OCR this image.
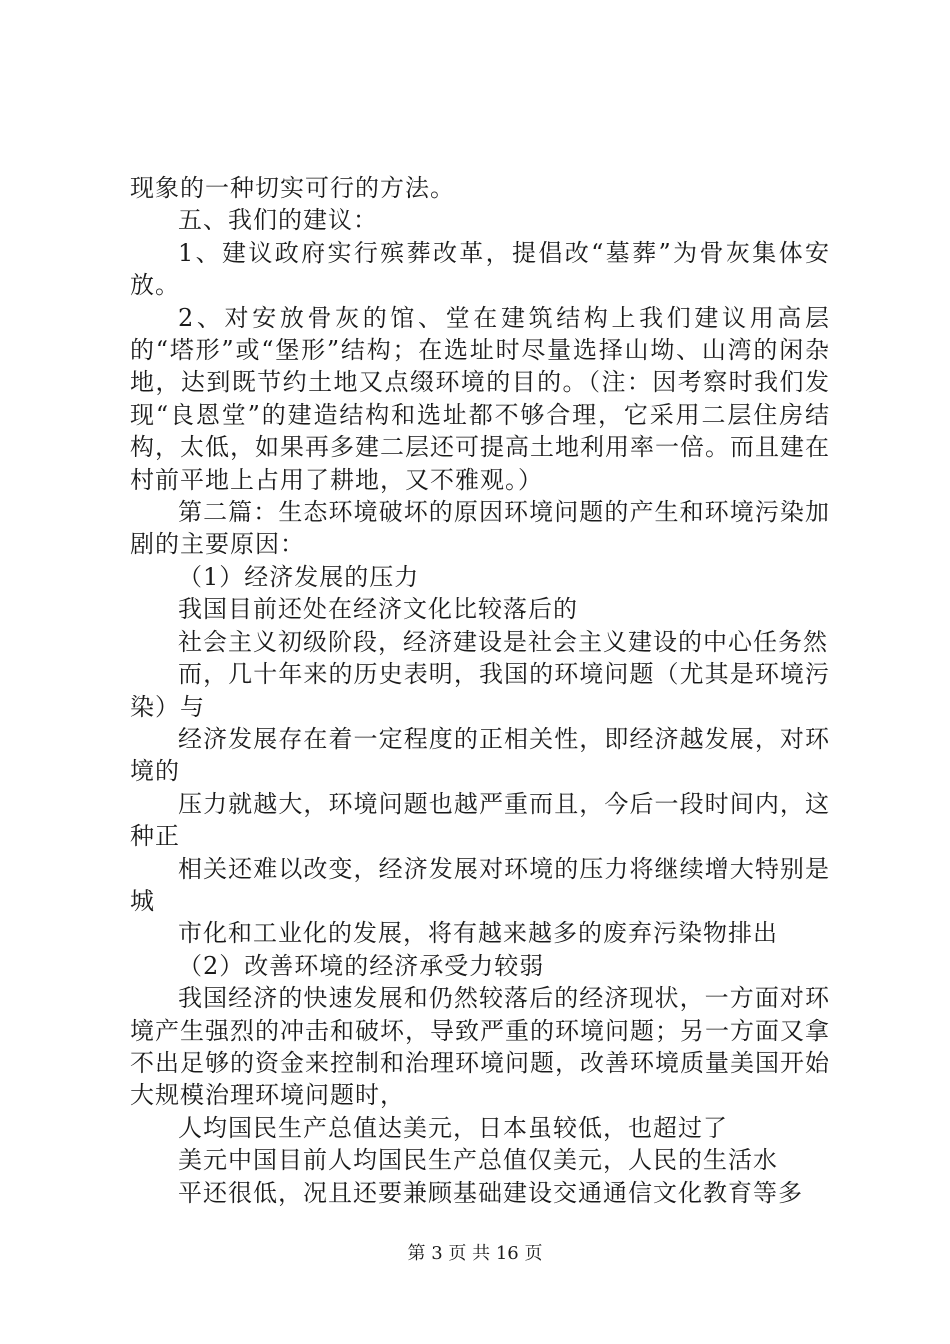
现象的一种切实可行的方法。

五、我们的建议：

1、建议政府实行殡葬改革，提倡改“墓葬”为骨灰集体安放。

2、对安放骨灰的馆、堂在建筑结构上我们建议用高层的“塔形”或“堡形”结构；在选址时尽量选择山坳、山湾的闲杂地，达到既节约土地又点缀环境的目的。（注：因考察时我们发现“良恩堂”的建造结构和选址都不够合理，它采用二层住房结构，太低，如果再多建二层还可提高土地利用率一倍。而且建在村前平地上占用了耕地，又不雅观。）

第二篇：生态环境破坏的原因环境问题的产生和环境污染加剧的主要原因：

（1）经济发展的压力

我国目前还处在经济文化比较落后的

社会主义初级阶段，经济建设是社会主义建设的中心任务然

而，几十年来的历史表明，我国的环境问题（尤其是环境污染）与

经济发展存在着一定程度的正相关性，即经济越发展，对环境的

压力就越大，环境问题也越严重而且，今后一段时间内，这种正

相关还难以改变，经济发展对环境的压力将继续增大特别是城

市化和工业化的发展，将有越来越多的废弃污染物排出

（2）改善环境的经济承受力较弱

我国经济的快速发展和仍然较落后的经济现状，一方面对环境产生强烈的冲击和破坏，导致严重的环境问题；另一方面又拿不出足够的资金来控制和治理环境问题，改善环境质量美国开始大规模治理环境问题时，

人均国民生产总值达美元，日本虽较低，也超过了

美元中国目前人均国民生产总值仅美元，人民的生活水

平还很低，况且还要兼顾基础建设交通通信文化教育等多

第 3 页 共 16 页
